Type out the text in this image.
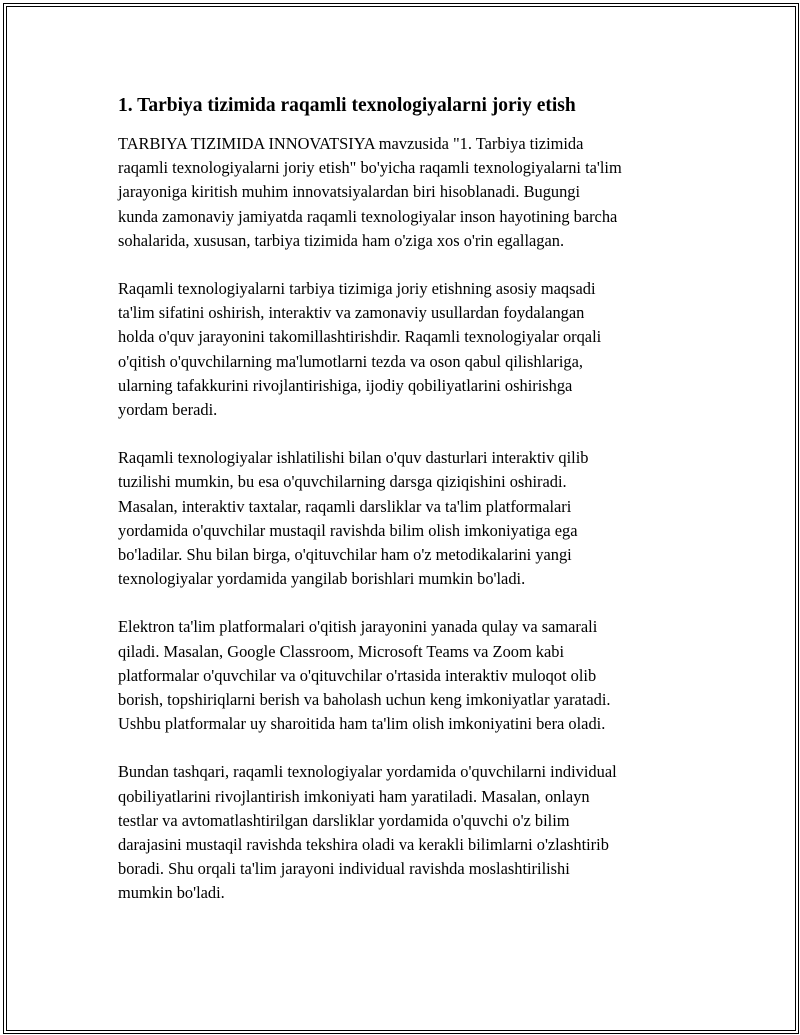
1. Tarbiya tizimida raqamli texnologiyalarni joriy etish

TARBIYA TIZIMIDA INNOVATSIYA mavzusida "1. Tarbiya tizimida
raqamli texnologiyalarni joriy etish" bo'yicha raqamli texnologiyalarni ta'lim
jarayoniga kiritish muhim innovatsiyalardan biri hisoblanadi. Bugungi
kunda zamonaviy jamiyatda raqamli texnologiyalar inson hayotining barcha
sohalarida, xususan, tarbiya tizimida ham o'ziga xos o'rin egallagan.

Raqamli texnologiyalarni tarbiya tizimiga joriy etishning asosiy maqsadi
ta'lim sifatini oshirish, interaktiv va zamonaviy usullardan foydalangan
holda o'quv jarayonini takomillashtirishdir. Raqamli texnologiyalar orqali
o'qitish o'quvchilarning ma'lumotlarni tezda va oson qabul qilishlariga,
ularning tafakkurini rivojlantirishiga, ijodiy qobiliyatlarini oshirishga
yordam beradi.

Raqamli texnologiyalar ishlatilishi bilan o'quv dasturlari interaktiv qilib
tuzilishi mumkin, bu esa o'quvchilarning darsga qiziqishini oshiradi.
Masalan, interaktiv taxtalar, raqamli darsliklar va ta'lim platformalari
yordamida o'quvchilar mustaqil ravishda bilim olish imkoniyatiga ega
bo'ladilar. Shu bilan birga, o'qituvchilar ham o'z metodikalarini yangi
texnologiyalar yordamida yangilab borishlari mumkin bo'ladi.

Elektron ta'lim platformalari o'qitish jarayonini yanada qulay va samarali
qiladi. Masalan, Google Classroom, Microsoft Teams va Zoom kabi
platformalar o'quvchilar va o'qituvchilar o'rtasida interaktiv muloqot olib
borish, topshiriqlarni berish va baholash uchun keng imkoniyatlar yaratadi.
Ushbu platformalar uy sharoitida ham ta'lim olish imkoniyatini bera oladi.

Bundan tashqari, raqamli texnologiyalar yordamida o'quvchilarni individual
qobiliyatlarini rivojlantirish imkoniyati ham yaratiladi. Masalan, onlayn
testlar va avtomatlashtirilgan darsliklar yordamida o'quvchi o'z bilim
darajasini mustaqil ravishda tekshira oladi va kerakli bilimlarni o'zlashtirib
boradi. Shu orqali ta'lim jarayoni individual ravishda moslashtirilishi
mumkin bo'ladi.
